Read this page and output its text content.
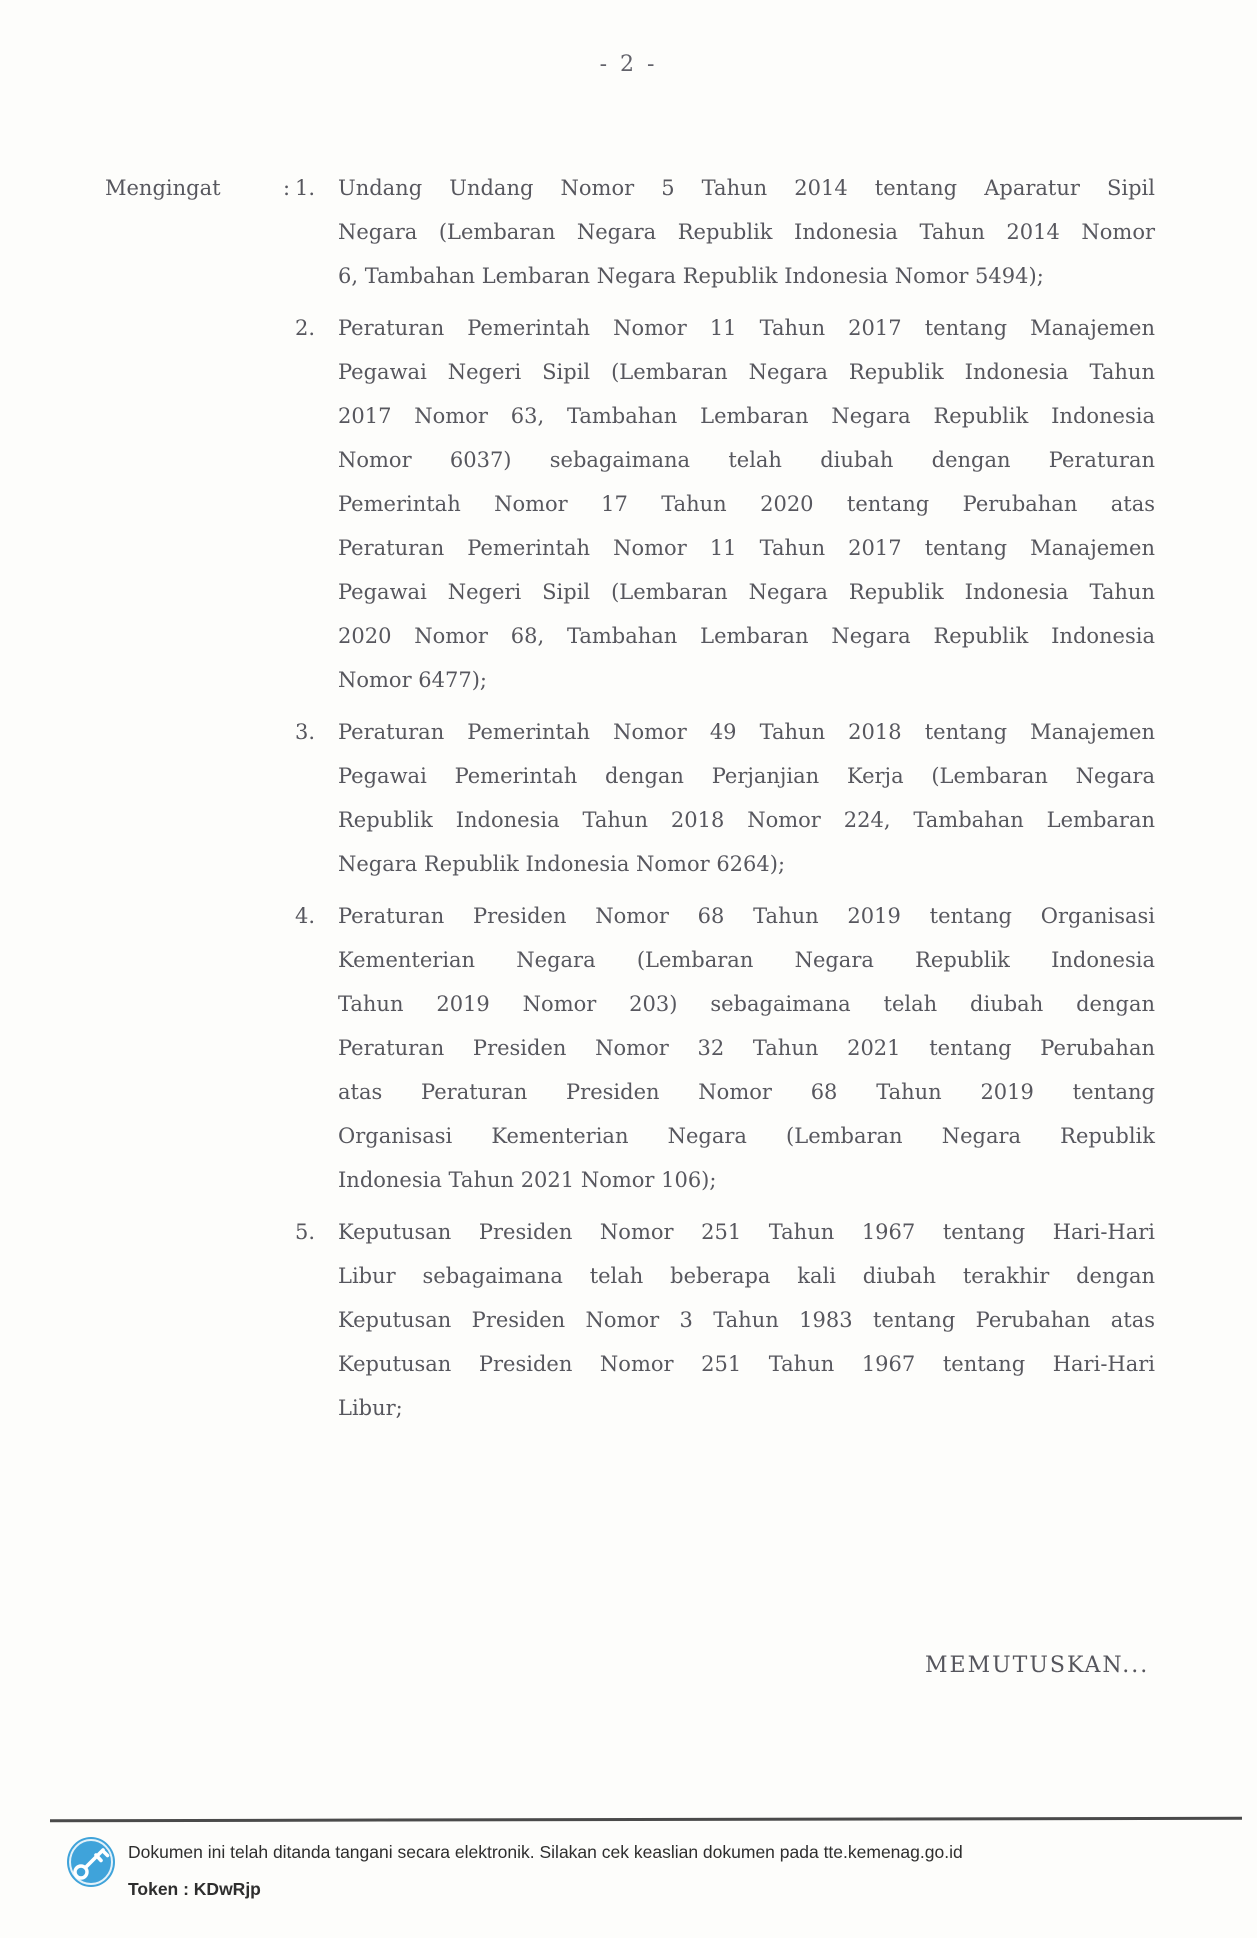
- 2 -
Mengingat	: 1.	Undang Undang Nomor 5 Tahun 2014 tentang Aparatur Sipil
Negara (Lembaran Negara Republik Indonesia Tahun 2014 Nomor
6, Tambahan Lembaran Negara Republik Indonesia Nomor 5494);
2.	Peraturan Pemerintah Nomor 11 Tahun 2017 tentang Manajemen
Pegawai Negeri Sipil (Lembaran Negara Republik Indonesia Tahun
2017 Nomor 63, Tambahan Lembaran Negara Republik Indonesia
Nomor 6037) sebagaimana telah diubah dengan Peraturan
Pemerintah Nomor 17 Tahun 2020 tentang Perubahan atas
Peraturan Pemerintah Nomor 11 Tahun 2017 tentang Manajemen
Pegawai Negeri Sipil (Lembaran Negara Republik Indonesia Tahun
2020 Nomor 68, Tambahan Lembaran Negara Republik Indonesia
Nomor 6477);
3.	Peraturan Pemerintah Nomor 49 Tahun 2018 tentang Manajemen
Pegawai Pemerintah dengan Perjanjian Kerja (Lembaran Negara
Republik Indonesia Tahun 2018 Nomor 224, Tambahan Lembaran
Negara Republik Indonesia Nomor 6264);
4.	Peraturan Presiden Nomor 68 Tahun 2019 tentang Organisasi
Kementerian Negara (Lembaran Negara Republik Indonesia
Tahun 2019 Nomor 203) sebagaimana telah diubah dengan
Peraturan Presiden Nomor 32 Tahun 2021 tentang Perubahan
atas Peraturan Presiden Nomor 68 Tahun 2019 tentang
Organisasi Kementerian Negara (Lembaran Negara Republik
Indonesia Tahun 2021 Nomor 106);
5.	Keputusan Presiden Nomor 251 Tahun 1967 tentang Hari-Hari
Libur sebagaimana telah beberapa kali diubah terakhir dengan
Keputusan Presiden Nomor 3 Tahun 1983 tentang Perubahan atas
Keputusan Presiden Nomor 251 Tahun 1967 tentang Hari-Hari
Libur;
MEMUTUSKAN...
Dokumen ini telah ditanda tangani secara elektronik. Silakan cek keaslian dokumen pada tte.kemenag.go.id
Token : KDwRjp
